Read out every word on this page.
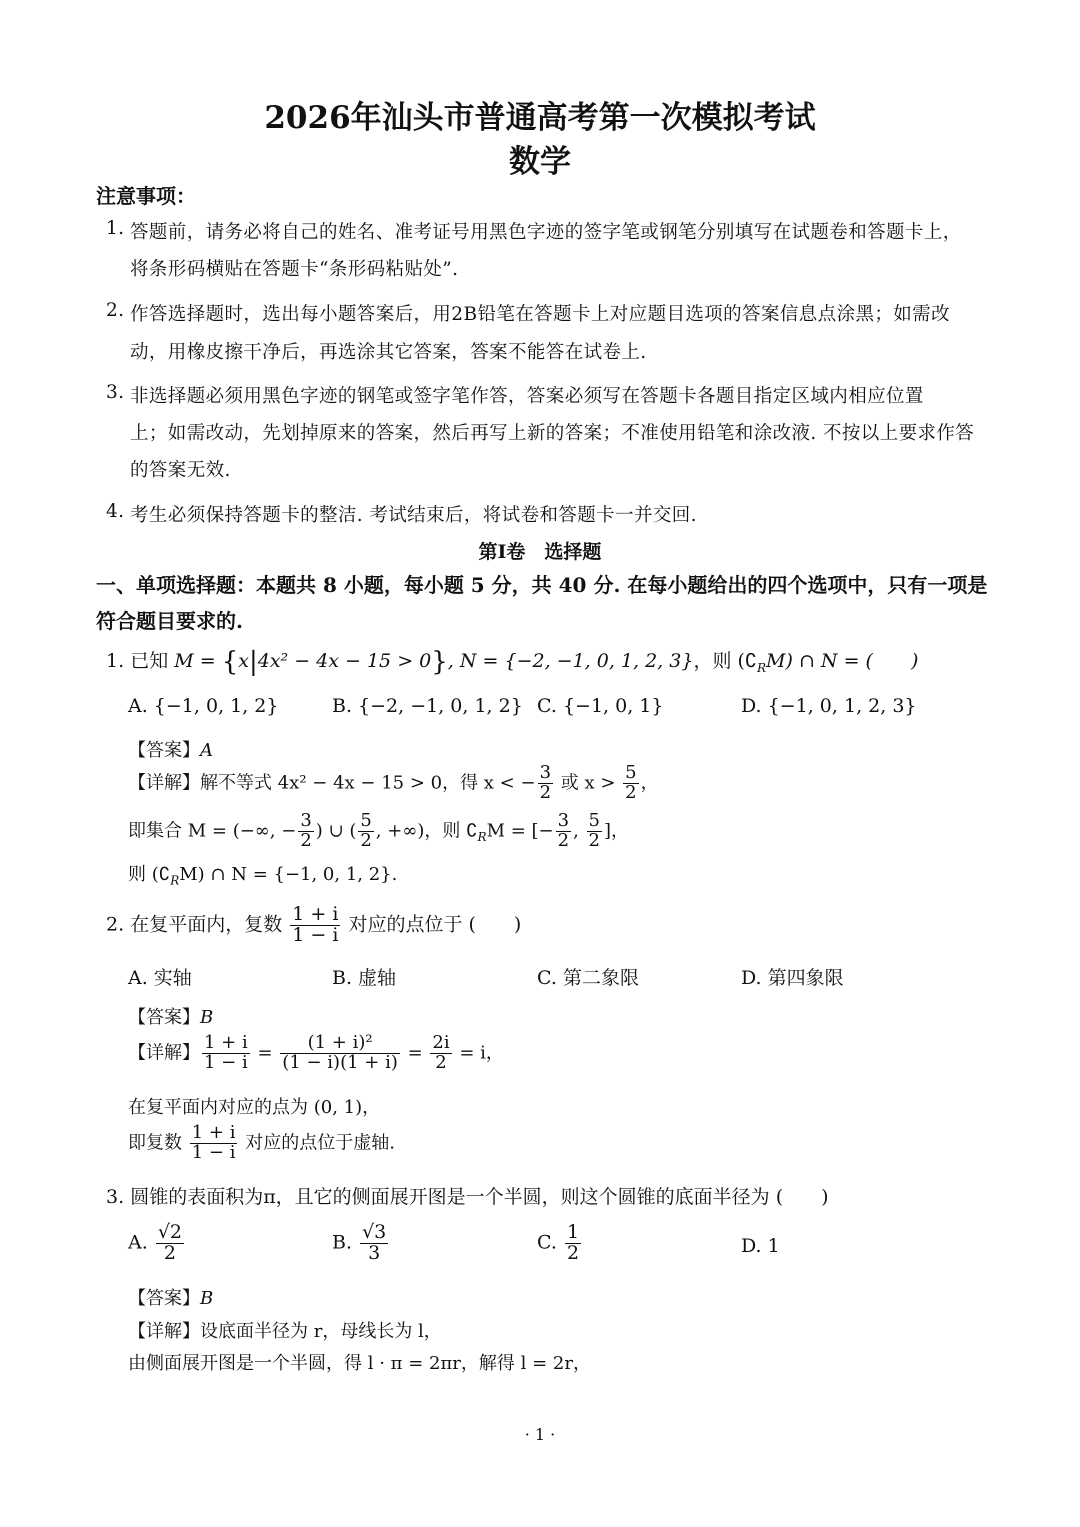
2026年汕头市普通高考第一次模拟考试
数学
注意事项：
1. 答题前，请务必将自己的姓名、准考证号用黑色字迹的签字笔或钢笔分别填写在试题卷和答题卡上，
将条形码横贴在答题卡“条形码粘贴处”.
2. 作答选择题时，选出每小题答案后，用2B铅笔在答题卡上对应题目选项的答案信息点涂黑；如需改
动，用橡皮擦干净后，再选涂其它答案，答案不能答在试卷上.
3. 非选择题必须用黑色字迹的钢笔或签字笔作答，答案必须写在答题卡各题目指定区域内相应位置
上；如需改动，先划掉原来的答案，然后再写上新的答案；不准使用铅笔和涂改液. 不按以上要求作答
的答案无效.
4. 考生必须保持答题卡的整洁. 考试结束后，将试卷和答题卡一并交回.
第Ⅰ卷　选择题
一、单项选择题：本题共 8 小题，每小题 5 分，共 40 分. 在每小题给出的四个选项中，只有一项是
符合题目要求的.
1. 已知 M = {x|4x² − 4x − 15 > 0}, N = {−2, −1, 0, 1, 2, 3}，则 $(∁_RM)$ ∩ N = (　　)
A. {−1, 0, 1, 2}	B. {−2, −1, 0, 1, 2} C. {−1, 0, 1}	D. {−1, 0, 1, 2, 3}
【答案】A
【详解】解不等式 4x² − 4x − 15 > 0，得 x < − $\frac{3}{2}$ 或 $x > \frac{5}{2}$ ，
即集合 M = (−∞, − $\frac{3}{2}$ ) ∪ ( $\frac{5}{2}$ , +∞)，则 $∁_RM$ = [− $\frac{3}{2}$ , $\frac{5}{2}$ ]，
则 $(∁_RM)$ ∩ N = {−1, 0, 1, 2}.
2. 在复平面内，复数 $\frac{1 + i}{1 - i}$ 对应的点位于 (　　)
A. 实轴	B. 虚轴	C. 第二象限	D. 第四象限
【答案】B
【详解】 $\frac{1 + i}{1 - i} = \frac{\text{(1 + i)²}}{(1 - i)(1 + i)} = \frac{2i}{2} = i$，
在复平面内对应的点为 (0, 1)，
即复数 $\frac{1 + i}{1 - i}$ 对应的点位于虚轴.
3. 圆锥的表面积为π，且它的侧面展开图是一个半圆，则这个圆锥的底面半径为 (　　)
A. $\frac{√2}{2}$	B. $\frac{√3}{3}$	C. $\frac{1}{2}$	D. 1
【答案】B
【详解】设底面半径为 r，母线长为 l，
由侧面展开图是一个半圆，得 l · π = 2πr，解得 l = 2r，
· 1 ·
